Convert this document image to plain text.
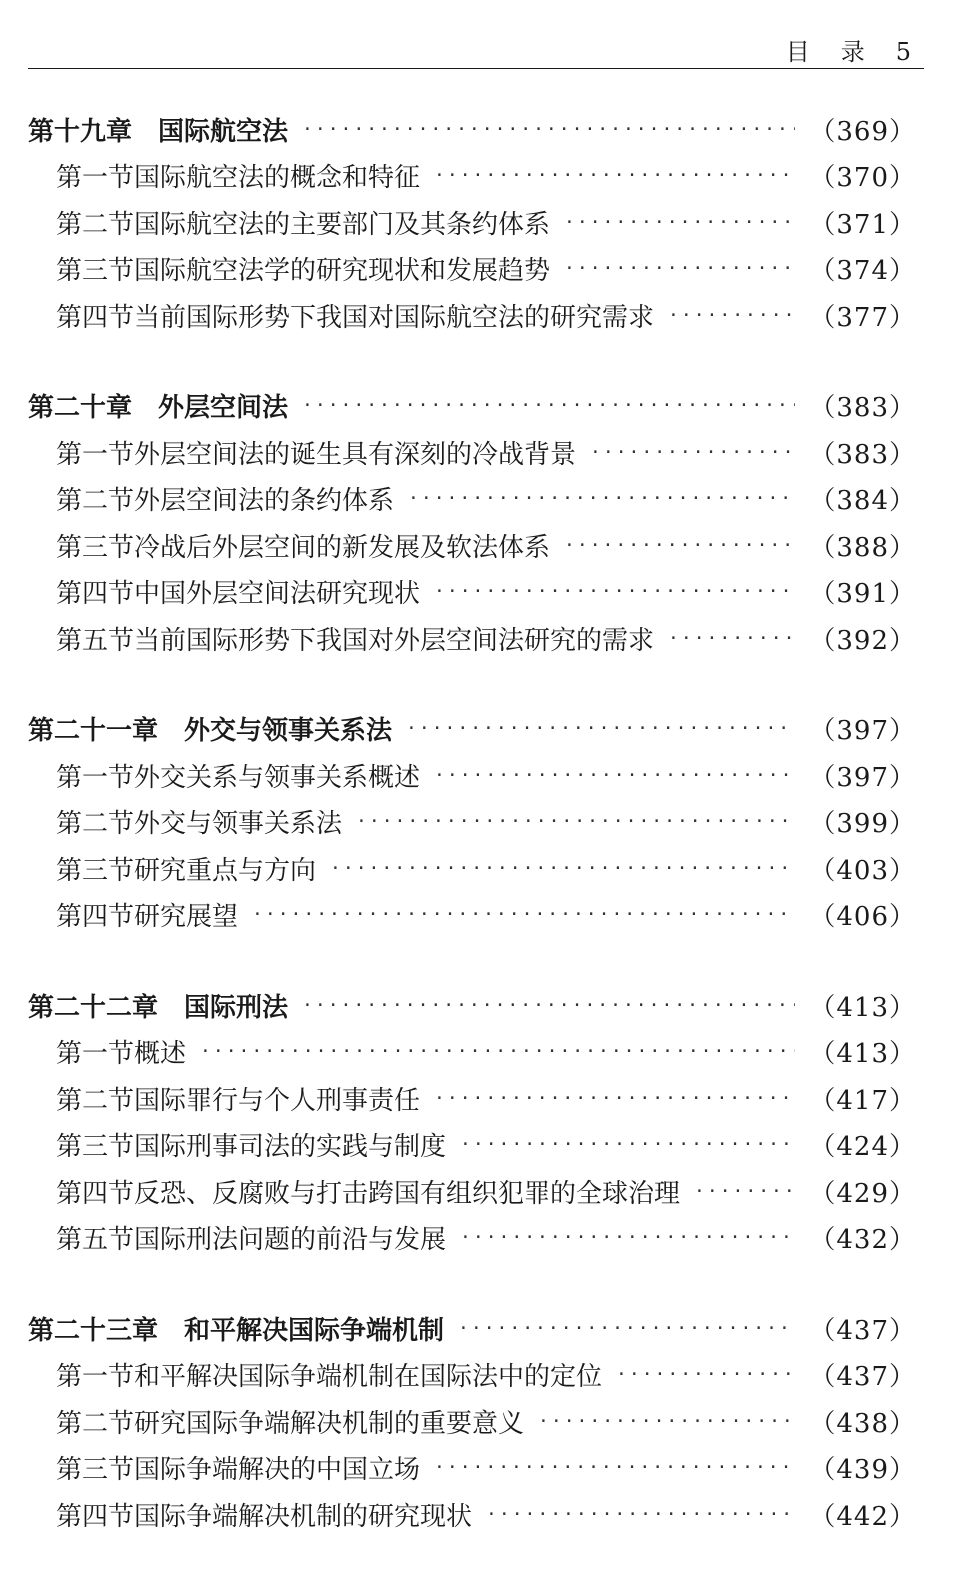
目 录 5
第十九章 国际航空法 ·····	（369）
第一节 国际航空法的概念和特征 ·····	（370）
第二节 国际航空法的主要部门及其条约体系 ·····	（371）
第三节 国际航空法学的研究现状和发展趋势 ·····	（374）
第四节 当前国际形势下我国对国际航空法的研究需求 ·····	（377）
第二十章 外层空间法 ·····	（383）
第一节 外层空间法的诞生具有深刻的冷战背景 ·····	（383）
第二节 外层空间法的条约体系 ·····	（384）
第三节 冷战后外层空间的新发展及软法体系 ·····	（388）
第四节 中国外层空间法研究现状 ·····	（391）
第五节 当前国际形势下我国对外层空间法研究的需求 ·····	（392）
第二十一章 外交与领事关系法 ·····	（397）
第一节 外交关系与领事关系概述 ·····	（397）
第二节 外交与领事关系法 ·····	（399）
第三节 研究重点与方向 ·····	（403）
第四节 研究展望 ·····	（406）
第二十二章 国际刑法 ·····	（413）
第一节 概述 ·····	（413）
第二节 国际罪行与个人刑事责任 ·····	（417）
第三节 国际刑事司法的实践与制度 ·····	（424）
第四节 反恐、反腐败与打击跨国有组织犯罪的全球治理 ·····	（429）
第五节 国际刑法问题的前沿与发展 ·····	（432）
第二十三章 和平解决国际争端机制 ·····	（437）
第一节 和平解决国际争端机制在国际法中的定位 ·····	（437）
第二节 研究国际争端解决机制的重要意义 ·····	（438）
第三节 国际争端解决的中国立场 ·····	（439）
第四节 国际争端解决机制的研究现状 ·····	（442）
